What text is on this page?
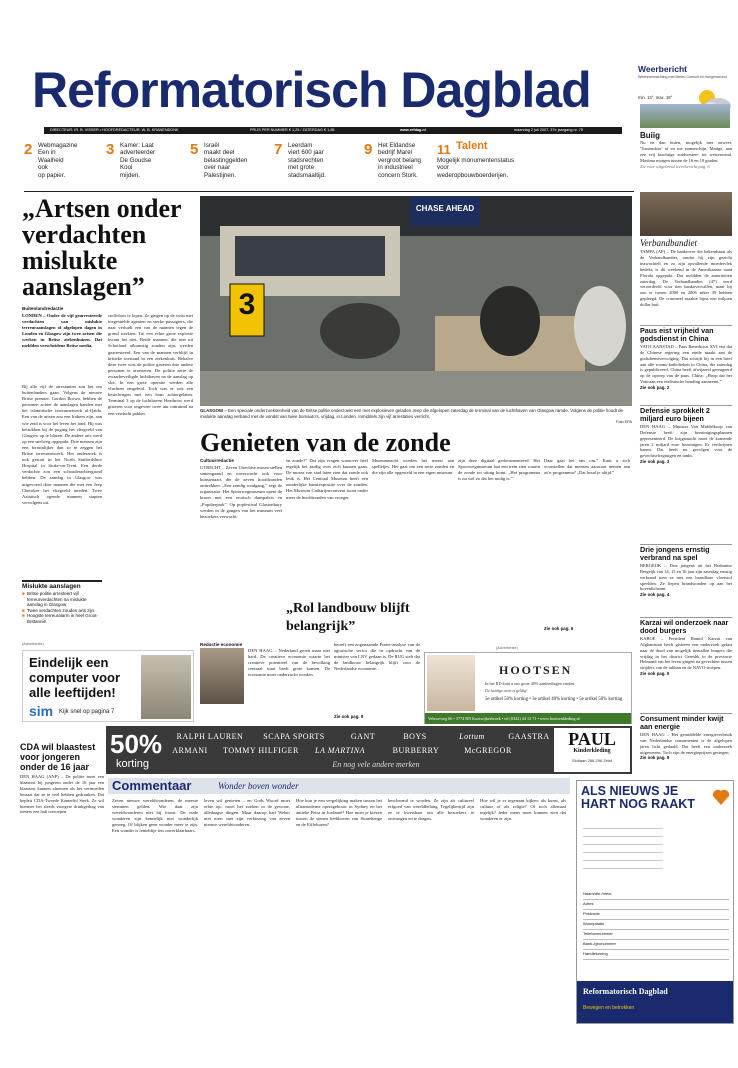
Reformatorisch Dagblad	Weerbericht
Weersverwachting met Meteo Consult tot morgenavond
min. 13°, max. 18°
DIRECTEUR: IR. B. VISSER • HOOFDREDACTEUR: W. B. KRANENDONK	PRIJS PER NUMMER € 1,25 / ZATERDAG € 1,85	www.refdag.nl	maandag 2 juli 2007, 37e jaargang nr. 75
2 Webmagazine
Een in
Waalheid
ook
op papier.
3 Kamer: Laat
adverteerder
De Goudse
Kooi
mijden.
5 Israël
maakt deel
belastinggelden
over naar
Palestijnen.
7 Leerdam
viert 600 jaar
stadsrechten
met grote
stadsmaaltijd.
9 Het Eldandse
bedrijf Marel
vergroot belang
in industrieel
concern Stork.
11 Talent
Mogelijk monumentenstatus
voor
wederopbouwboerderijen.
Buiig
Nu en dan buien, mogelijk met onweer. 'Tussendoor' af en toe zonneschijn. Matige, aan zee vrij krachtige zuidwesten- tot westenwind. Maxima morgen tussen de 16 en 18 graden.
Zie voor uitgebreid weerbericht pag. 6
Verbandbandiet
TAMPA (AP) – De bankrover die bekendstaat als de Verbandbandiet, omdat hij zijn gezicht inzwachtelt en zo zijn opvallende moedervlek bedekt, is dit weekend in de Amerikaanse staat Florida opgepakt. Dat meldden de autoriteiten zaterdag. De Verbandbandiet (47) werd veroordeeld voor tien bankovervallen, maar hij zou er tussen 2000 en 2006 zeker 39 hebben gepleegd. De crimineel maakte bijna een miljoen dollar buit.
Paus eist vrijheid van godsdienst in China
VATICAANSTAD – Paus Benedictus XVI eist dat de Chinese regering een einde maakt aan de godsdienstvervolging. Dat schrijft hij in een brief aan alle rooms-katholieken in China, die zaterdag is gepubliceerd. China heeft afwijzend gereageerd op de oproep van de paus. China: „Hoop dat het Vaticaan een realistische houding aanneemt.”
Zie ook pag. 2
Defensie sprokkelt 2 miljard euro bijeen
DEN HAAG – Minister Van Middelkoop van Defensie heeft zijn bezuinigingsplannen gepresenteerd. De krijgsmacht moet de komende jaren 2 miljard euro bezuinigen. Er verdwijnen banen. Dat heeft nu gevolgen voor de gevechtsvliegtuigen en tanks.
Zie ook pag. 3
Drie jongens ernstig verbrand na spel
BERGEIJK – Drie jongens uit het Brabantse Bergeijk van 14, 15 en 16 jaar zijn zaterdag ernstig verbrand toen ze met een brandbare vloeistof speelden. Ze liepen brandwonden op aan het bovenlichaam.
Zie ook pag. 4
Karzai wil onderzoek naar dood burgers
KABOE – President Hamid Karzai van Afghanistan heeft gisteren een onderzoek gelast naar de dood van mogelijk tientallen burgers die vrijdag in het district Gereshk in de provincie Helmand om het leven gingen na gevechten tussen strijders van de taliban en de NAVO-troepen.
Zie ook pag. 5
Consument minder kwijt aan energie
DEN HAAG – Het gemiddelde energieverbruik van Nederlandse consumenten is de afgelopen jaren licht gedaald. Dat heeft een onderzoek uitgewezen. Toch zijn de energieprijzen gestegen.
Zie ook pag. 9
„Artsen onder verdachten mislukte aanslagen”
Buitenlandredactie
LONDEN – Onder de vijf gearresteerde verdachten van mislukte terreuraanslagen of afgelopen dagen in Londen en Glasgow zijn twee artsen die werken in Britse ziekenhuizen. Dat meldden verscheidene Britse media.
Bij alle vijf de arrestanten zou het om buitenlanders gaan. Volgens de nieuwe Britse premier, Gordon Brown, hebben de personen achter de aanslagen banden met het islamitische terreurnetwerk al-Qaida. Een van de artsen zou een Irakees zijn, aan wie zeid is voor het leven het land. Hij was betrokken bij de poging het vliegveld van Glasgow op te blazen. De andere arts werd op een snelweg opgepakt. Drie mensen zijn een fortuinlijker dan zo te zeggen het Britse terreurnetwerk. Het onderzoek is ook gestart in het North Staffordshire Hospital in Stoke-on-Trent. Een derde verdachte zou een schouderachtergrond hebben. De aanslag in Glasgow was uitgevoerd door mannen die met een Jeep Cherokee het vliegveld inreden. Twee Aziatisch ogende mannen stapten vervolgens uit.
Mislukte aanslagen
■ Britse politie arresteert vijf terreurverdachten na mislukte aanslag in Glasgow.
■ Twee verdachten zouden arts zijn.
■ Hoogste terreuralarm in heel Groot-Brittannië.
stoffeloos te lopen. Ze gingen op de vuist met toegesnelde agenten en sterke passagiers, die naar verluidt een van de mannen tegen de grond werkten. Tot een echte grote explosie kwam het niet. Beide mannen, die niet uit Schotland afkomstig zouden zijn, werden gearresteerd. Een van de mannen verblijft in kritieke toestand in een ziekenhuis. Behalve deze twee wist de politie gisteren drie andere personen te arresteren. De politie zette de zwaarbeveiligde luchthaven na de aanslag op slot. In een grote operatie werden alle vluchten omgeleid. Toch was er ook een bestelwagen met een bom achtergelaten. Terminal 3 op de luchthaven Heathrow werd gisteren voor ongeveer twee uur ontruimd na een verdacht pakket.
CHASE AHEAD
3
GLASGOW – Een speciale onderzoeksenheid van de Britse politie onderzoekt een met explosieven geladen Jeep die afgelopen zaterdag de terminal van de luchthaven van Glasgow ramde. Volgens de politie houdt de mislukte aanslag verband met de vondst van twee bomauto's, vrijdag, in Londen. Inmiddels zijn vijf arrestaties verricht.
Foto EPA
Genieten van de zonde
Cultuurredactie
UTRECHT – Zeven Utrechtse musea stellen samengaand en onverwacht ook voor kunstenaars die de zeven hoofdzonden onttrekken. „Een zondig rondgang,” zegt de organisator. Het Spoorwegmuseum opent de kroon met een erotisch danspaleis en „Popdierpark”. Op popfestival Glastonbury werden in de gangen van het museum veel bezoekers verwacht.
en zonde?” Dat zijn vragen waarover heel tegelijk het aardig over zich kunnen gaan. De musea van stad laten zien dat zonde ook leuk is. Het Centraal Museum heeft een zonderlijke kunstexpositie over de zonden. Het Museum Catharijneconvent toont onder meer de hoofdzonden van vroeger.
Museumnacht worden het meest aan spelletjes. Het gaat om een serie zonden en die zijn alle opgesteld in een eigen museum.
zijn deze digitaal gedocumenteerd. Het Spoorwegmuseum laat een trein zien waarin de zonde tot uiting komt. „Het programma is nu wel zo dat het nodig is.”
Daar gaat het ons om.” Kunt u zich voorstellen dat mensen aanstoot nemen aan zo'n programma? „Dat houd je altijd.”
„Rol landbouw blijft belangrijk”	Zie ook pag. 6
(Advertentie)
Eindelijk een computer voor alle leeftijden!
sim Kijk snel op pagina 7
Reductie economie
DEN HAAG – Nederland groeit maar niet hard. De creatieve economie waarin het creatieve potentieel van de bevolking centraal staat biedt grote kansen. De economie moet onderzocht worden.
betreft een zogenaamde Porter-analyse van de agrarische sector die in opdracht van de minister van LNV gedaan is. De RUG stelt dat de landbouw belangrijk blijft voor de Nederlandse economie.
Zie ook pag. 9
(Advertentie)
HOOTSEN
In het RD kunt u ons grote 40% aanbiedingen vinden.
De huidige actie is geldig!
5e artikel 50% korting • 3e artikel 40% korting • 5e artikel 50% korting
Velsweweg 66 • 3774 RN Kootwijkerbroek • tel (0342) 44 12 71 • www.hootsenkleding.nl
CDA wil blaastest voor jongeren onder de 16 jaar
DEN HAAG (ANP) – De politie moet een blaastest bij jongeren onder de 16 jaar een blaastest kunnen afnemen als het vermoeden bestaat dat ze te veel hebben gedronken. Dat bepleit CDA-Tweede Kamerlid Sterk. Ze wil hiermee het steeds vroegere drinkgedrag van tieners een halt toeroepen.
50%
korting
RALPH LAUREN	SCAPA SPORTS	GANT	BOYS	Lottum	GAASTRA
ARMANI	TOMMY HILFIGER	LA MARTINA	BURBERRY	McGREGOR
En nog vele andere merken
PAUL
Kinderkleding
Slotlaan 286-296 Zeist
Commentaar	Wonder boven wonder
Zeven nieuwe wereldwonderen, de meeste stemmen gelden. Wie daar zijn wereldwonderen niet bij fronst. De oude wonderen zijn kennelijk niet wonderlijk genoeg. Of blijken geen wonder meer te zijn. Een wonder is lenteblije iets onverklaarbaars.
leven wil genieten – en Gods Woord moet erbie op– moet het zoeken in de gewone, alledaagse dingen. Maar daarop had Weber niet mee; met zijn verkiezing van zeven nieuwe wereldwonderen.
Hoe kun je een vergelijking maken tussen het ultramoderne operagebouw in Sydney en het antieke Petra in Jordanië? Hoe moet je kiezen tussen de stenen kerkhoven van Stonehenge en de Eiffeltoren?
beschermd te worden. Ze zijn als cultureel erfgoed van wereldbelang. Tegelijkertijd zijn ze te kwetsbaar om alle bezoekers te ontvangen en te dragen.
Hoe wil je er tegenaan kijken: als kunst, als cultuur of als religie? Of toch allemaal tegelijk? Ieder mens moet kunnen zien dat wonderen er zijn.
ALS NIEUWS JE HART NOG RAAKT
Naam/dhr./mevr.
Adres
Postcode
Woonplaats
Telefoonnummer
Bank-/gironummer
Handtekening
Reformatorisch Dagblad
Bewegen en betrokken
